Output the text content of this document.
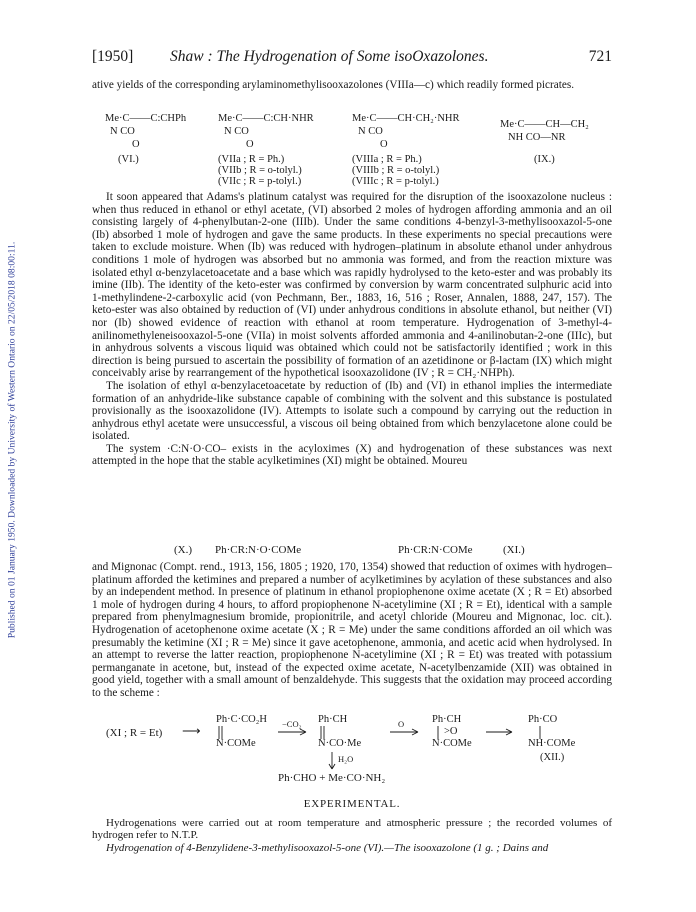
Published on 01 January 1950. Downloaded by University of Western Ontario on 22/05/2018 08:00:11.
[1950] Shaw : The Hydrogenation of Some isoOxazolones.	721

ative yields of the corresponding arylaminomethylisooxazolones (VIIIa—c) which readily formed picrates.

Me·C——C:CHPh
N CO
O
(VI.)
Me·C——C:CH·NHR
N CO
O
(VIIa ; R = Ph.)
(VIIb ; R = o-tolyl.)
(VIIc ; R = p-tolyl.)
Me·C——CH·CH₂·NHR
N CO
O
(VIIIa ; R = Ph.)
(VIIIb ; R = o-tolyl.)
(VIIIc ; R = p-tolyl.)
Me·C——CH—CH₂
NH CO—NR
(IX.)

It soon appeared that Adams's platinum catalyst was required for the disruption of the isooxazolone nucleus : when thus reduced in ethanol or ethyl acetate, (VI) absorbed 2 moles of hydrogen affording ammonia and an oil consisting largely of 4-phenylbutan-2-one (IIIb). Under the same conditions 4-benzyl-3-methylisooxazol-5-one (Ib) absorbed 1 mole of hydrogen and gave the same products. In these experiments no special precautions were taken to exclude moisture. When (Ib) was reduced with hydrogen–platinum in absolute ethanol under anhydrous conditions 1 mole of hydrogen was absorbed but no ammonia was formed, and from the reaction mixture was isolated ethyl α-benzylacetoacetate and a base which was rapidly hydrolysed to the keto-ester and was probably its imine (IIb). The identity of the keto-ester was confirmed by conversion by warm concentrated sulphuric acid into 1-methylindene-2-carboxylic acid (von Pechmann, Ber., 1883, 16, 516 ; Roser, Annalen, 1888, 247, 157). The keto-ester was also obtained by reduction of (VI) under anhydrous conditions in absolute ethanol, but neither (VI) nor (Ib) showed evidence of reaction with ethanol at room temperature. Hydrogenation of 3-methyl-4-anilinomethyleneisooxazol-5-one (VIIa) in moist solvents afforded ammonia and 4-anilinobutan-2-one (IIIc), but in anhydrous solvents a viscous liquid was obtained which could not be satisfactorily identified ; work in this direction is being pursued to ascertain the possibility of formation of an azetidinone or β-lactam (IX) which might conceivably arise by rearrangement of the hypothetical isooxazolidone (IV ; R = CH₂·NHPh).

The isolation of ethyl α-benzylacetoacetate by reduction of (Ib) and (VI) in ethanol implies the intermediate formation of an anhydride-like substance capable of combining with the solvent and this substance is postulated provisionally as the isooxazolidone (IV). Attempts to isolate such a compound by carrying out the reduction in anhydrous ethyl acetate were unsuccessful, a viscous oil being obtained from which benzylacetone alone could be isolated.

The system ·C:N·O·CO– exists in the acyloximes (X) and hydrogenation of these substances was next attempted in the hope that the stable acylketimines (XI) might be obtained. Moureu

(X.) Ph·CR:N·O·COMe	Ph·CR:N·COMe	(XI.)

and Mignonac (Compt. rend., 1913, 156, 1805 ; 1920, 170, 1354) showed that reduction of oximes with hydrogen–platinum afforded the ketimines and prepared a number of acylketimines by acylation of these substances and also by an independent method. In presence of platinum in ethanol propiophenone oxime acetate (X ; R = Et) absorbed 1 mole of hydrogen during 4 hours, to afford propiophenone N-acetylimine (XI ; R = Et), identical with a sample prepared from phenylmagnesium bromide, propionitrile, and acetyl chloride (Moureu and Mignonac, loc. cit.). Hydrogenation of acetophenone oxime acetate (X ; R = Me) under the same conditions afforded an oil which was presumably the ketimine (XI ; R = Me) since it gave acetophenone, ammonia, and acetic acid when hydrolysed. In an attempt to reverse the latter reaction, propiophenone N-acetylimine (XI ; R = Et) was treated with potassium permanganate in acetone, but, instead of the expected oxime acetate, N-acetylbenzamide (XII) was obtained in good yield, together with a small amount of benzaldehyde. This suggests that the oxidation may proceed according to the scheme :

(XI ; R = Et) ⟶
Ph·C·CO₂H
N·COMe
−CO₂ Ph·CH
N·CO·Me
H₂O
O	Ph·CH
>O
N·COMe
Ph·CO
NH·COMe
(XII.)
Ph·CHO + Me·CO·NH₂
EXPERIMENTAL.

Hydrogenations were carried out at room temperature and atmospheric pressure ; the recorded volumes of hydrogen refer to N.T.P.

Hydrogenation of 4-Benzylidene-3-methylisooxazol-5-one (VI).—The isooxazolone (1 g. ; Dains and
